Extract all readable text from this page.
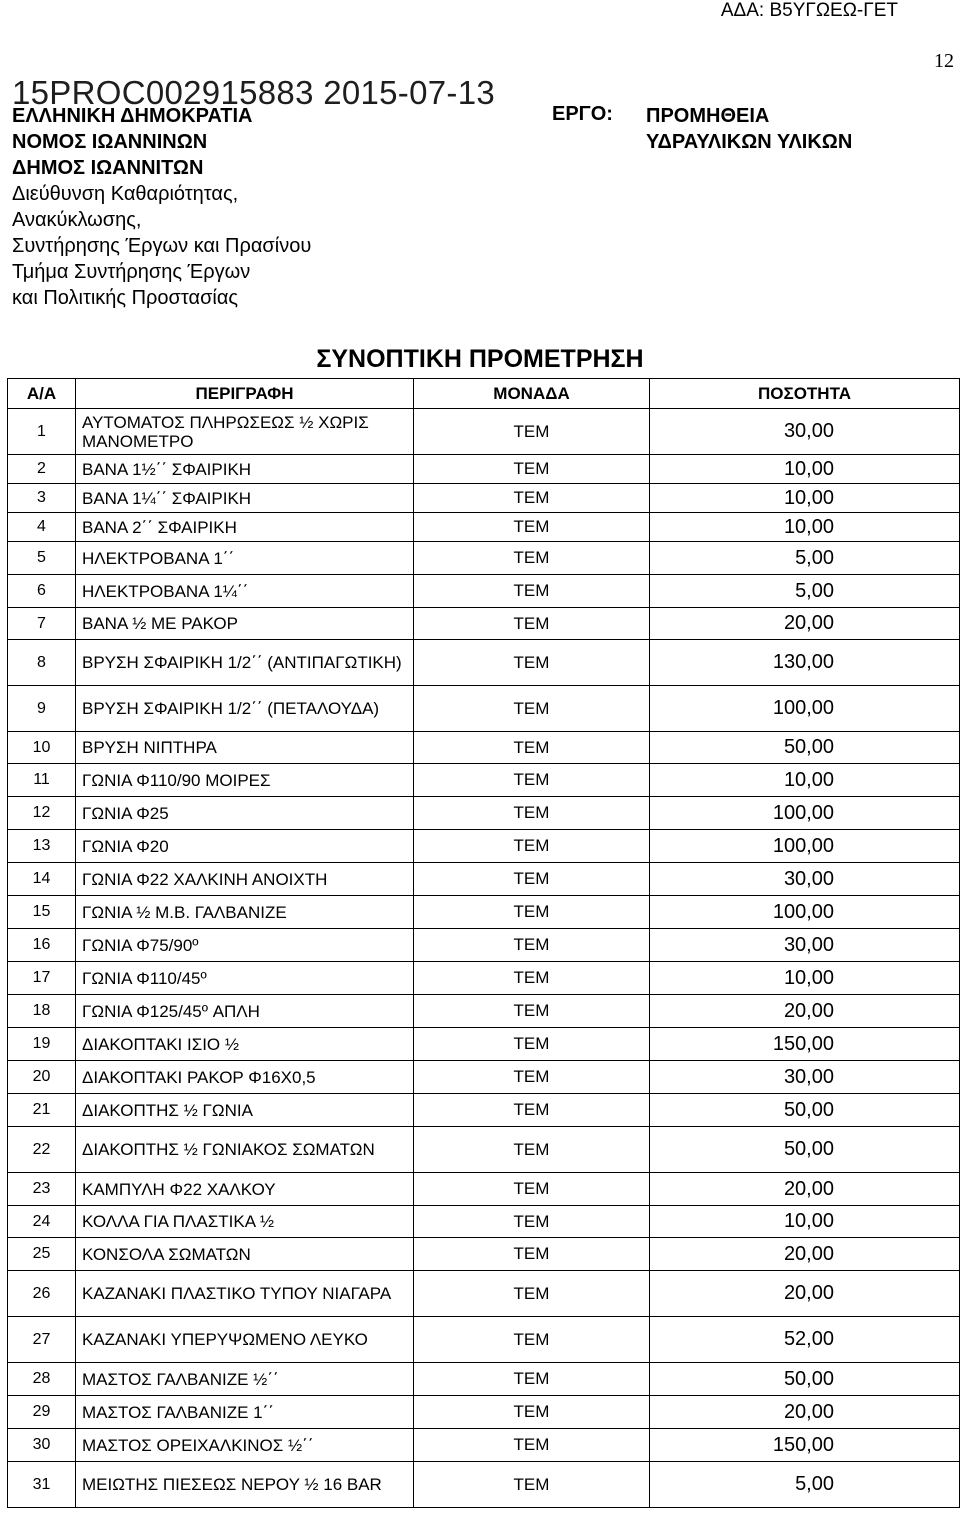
ΑΔΑ: Β5ΥΓΩΕΩ-ΓΕΤ
12
ΕΛΛΗΝΙΚΗ ΔΗΜΟΚΡΑΤΙΑ
ΝΟΜΟΣ ΙΩΑΝΝΙΝΩΝ
ΔΗΜΟΣ ΙΩΑΝΝΙΤΩΝ
Διεύθυνση Καθαριότητας,
Ανακύκλωσης,
Συντήρησης Έργων και Πρασίνου
Τμήμα Συντήρησης Έργων
και Πολιτικής Προστασίας
15PROC002915883 2015-07-13
ΕΡΓΟ: ΠΡΟΜΗΘΕΙΑ
ΥΔΡΑΥΛΙΚΩΝ ΥΛΙΚΩΝ
ΣΥΝΟΠΤΙΚΗ ΠΡΟΜΕΤΡΗΣΗ
Α/Α	ΠΕΡΙΓΡΑΦΗ	ΜΟΝΑΔΑ	ΠΟΣΟΤΗΤΑ
1	ΑΥΤΟΜΑΤΟΣ ΠΛΗΡΩΣΕΩΣ ½ ΧΩΡΙΣ ΜΑΝΟΜΕΤΡΟ	ΤΕΜ	30,00
2	ΒΑΝΑ 1½΄΄ ΣΦΑΙΡΙΚΗ	ΤΕΜ	10,00
3	ΒΑΝΑ 1¼΄΄ ΣΦΑΙΡΙΚΗ	ΤΕΜ	10,00
4	ΒΑΝΑ 2΄΄ ΣΦΑΙΡΙΚΗ	ΤΕΜ	10,00
5	ΗΛΕΚΤΡΟΒΑΝΑ 1΄΄	ΤΕΜ	5,00
6	ΗΛΕΚΤΡΟΒΑΝΑ 1¼΄΄	ΤΕΜ	5,00
7	ΒΑΝΑ ½ ΜΕ ΡΑΚΟΡ	ΤΕΜ	20,00
8	ΒΡΥΣΗ ΣΦΑΙΡΙΚΗ 1/2΄΄ (ΑΝΤΙΠΑΓΩΤΙΚΗ)	ΤΕΜ	130,00
9	ΒΡΥΣΗ ΣΦΑΙΡΙΚΗ 1/2΄΄ (ΠΕΤΑΛΟΥΔΑ)	ΤΕΜ	100,00
10	ΒΡΥΣΗ ΝΙΠΤΗΡΑ	ΤΕΜ	50,00
11	ΓΩΝΙΑ Φ110/90 ΜΟΙΡΕΣ	ΤΕΜ	10,00
12	ΓΩΝΙΑ Φ25	ΤΕΜ	100,00
13	ΓΩΝΙΑ Φ20	ΤΕΜ	100,00
14	ΓΩΝΙΑ Φ22 ΧΑΛΚΙΝΗ ΑΝΟΙΧΤΗ	ΤΕΜ	30,00
15	ΓΩΝΙΑ ½ Μ.Β. ΓΑΛΒΑΝΙΖΕ	ΤΕΜ	100,00
16	ΓΩΝΙΑ Φ75/90º	ΤΕΜ	30,00
17	ΓΩΝΙΑ Φ110/45º	ΤΕΜ	10,00
18	ΓΩΝΙΑ Φ125/45º ΑΠΛΗ	ΤΕΜ	20,00
19	ΔΙΑΚΟΠΤΑΚΙ ΙΣΙΟ ½	ΤΕΜ	150,00
20	ΔΙΑΚΟΠΤΑΚΙ ΡΑΚΟΡ Φ16Χ0,5	ΤΕΜ	30,00
21	ΔΙΑΚΟΠΤΗΣ ½ ΓΩΝΙΑ	ΤΕΜ	50,00
22	ΔΙΑΚΟΠΤΗΣ ½ ΓΩΝΙΑΚΟΣ ΣΩΜΑΤΩΝ	ΤΕΜ	50,00
23	ΚΑΜΠΥΛΗ Φ22 ΧΑΛΚΟΥ	ΤΕΜ	20,00
24	ΚΟΛΛΑ ΓΙΑ ΠΛΑΣΤΙΚΑ ½	ΤΕΜ	10,00
25	ΚΟΝΣΟΛΑ ΣΩΜΑΤΩΝ	ΤΕΜ	20,00
26	ΚΑΖΑΝΑΚΙ ΠΛΑΣΤΙΚΟ ΤΥΠΟΥ ΝΙΑΓΑΡΑ	ΤΕΜ	20,00
27	ΚΑΖΑΝΑΚΙ ΥΠΕΡΥΨΩΜΕΝΟ ΛΕΥΚΟ	ΤΕΜ	52,00
28	ΜΑΣΤΟΣ ΓΑΛΒΑΝΙΖΕ ½΄΄	ΤΕΜ	50,00
29	ΜΑΣΤΟΣ ΓΑΛΒΑΝΙΖΕ 1΄΄	ΤΕΜ	20,00
30	ΜΑΣΤΟΣ ΟΡΕΙΧΑΛΚΙΝΟΣ ½΄΄	ΤΕΜ	150,00
31	ΜΕΙΩΤΗΣ ΠΙΕΣΕΩΣ ΝΕΡΟΥ ½ 16 BAR	ΤΕΜ	5,00
